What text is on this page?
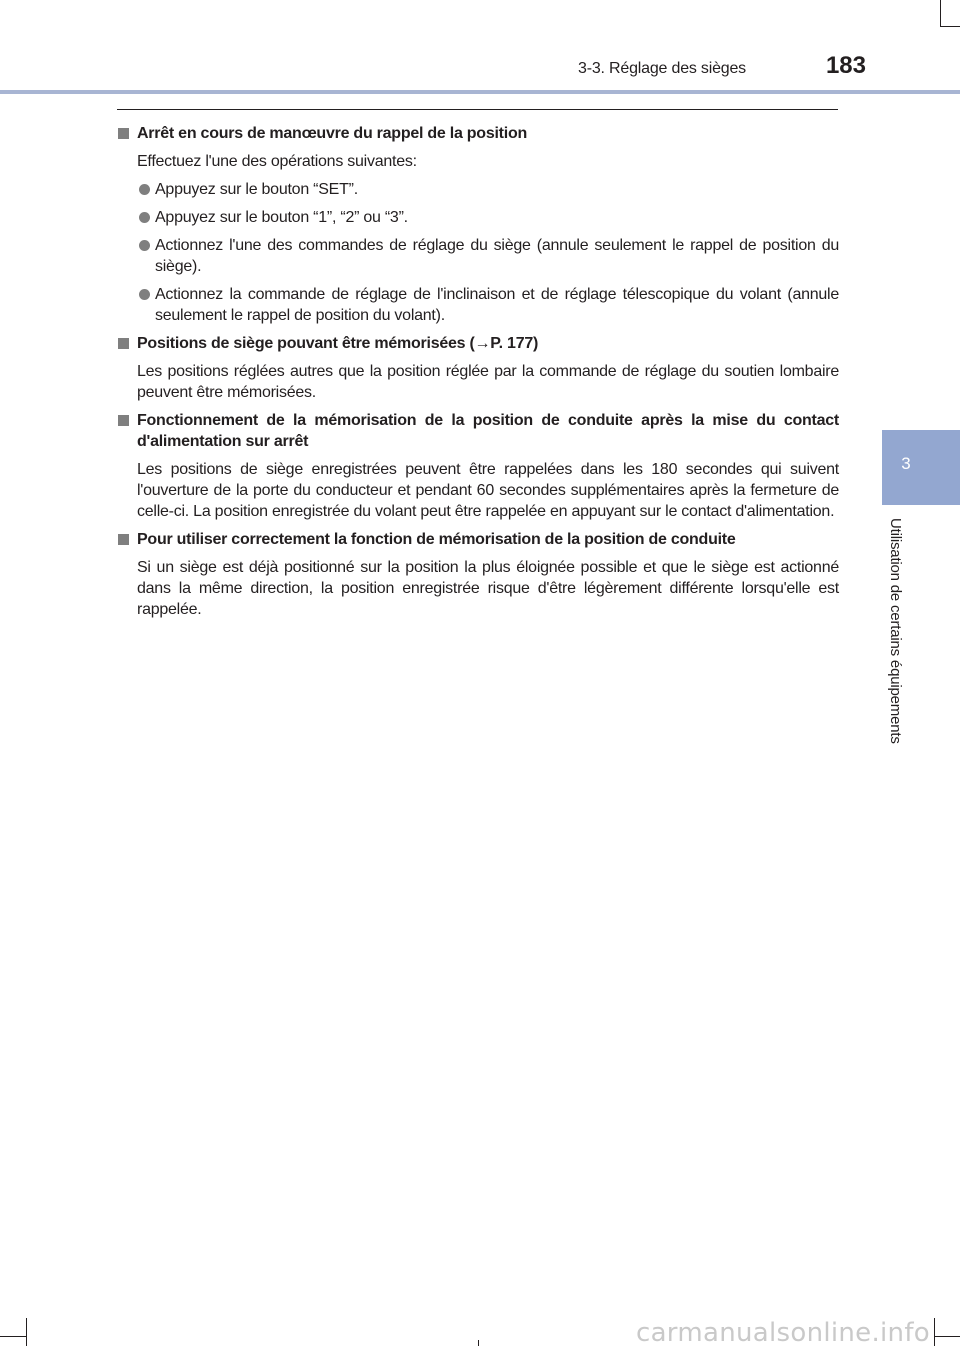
3-3. Réglage des sièges	183
3
Utilisation de certains équipements
Arrêt en cours de manœuvre du rappel de la position
Effectuez l'une des opérations suivantes:
Appuyez sur le bouton “SET”.
Appuyez sur le bouton “1”, “2” ou “3”.
Actionnez l'une des commandes de réglage du siège (annule seulement le rappel de position du siège).
Actionnez la commande de réglage de l'inclinaison et de réglage télescopique du volant (annule seulement le rappel de position du volant).
Positions de siège pouvant être mémorisées (→P. 177)
Les positions réglées autres que la position réglée par la commande de réglage du soutien lombaire peuvent être mémorisées.
Fonctionnement de la mémorisation de la position de conduite après la mise du contact d'alimentation sur arrêt
Les positions de siège enregistrées peuvent être rappelées dans les 180 secondes qui suivent l'ouverture de la porte du conducteur et pendant 60 secondes supplémentaires après la fermeture de celle-ci. La position enregistrée du volant peut être rappelée en appuyant sur le contact d'alimentation.
Pour utiliser correctement la fonction de mémorisation de la position de conduite
Si un siège est déjà positionné sur la position la plus éloignée possible et que le siège est actionné dans la même direction, la position enregistrée risque d'être légèrement différente lorsqu'elle est rappelée.
carmanualsonline.info
